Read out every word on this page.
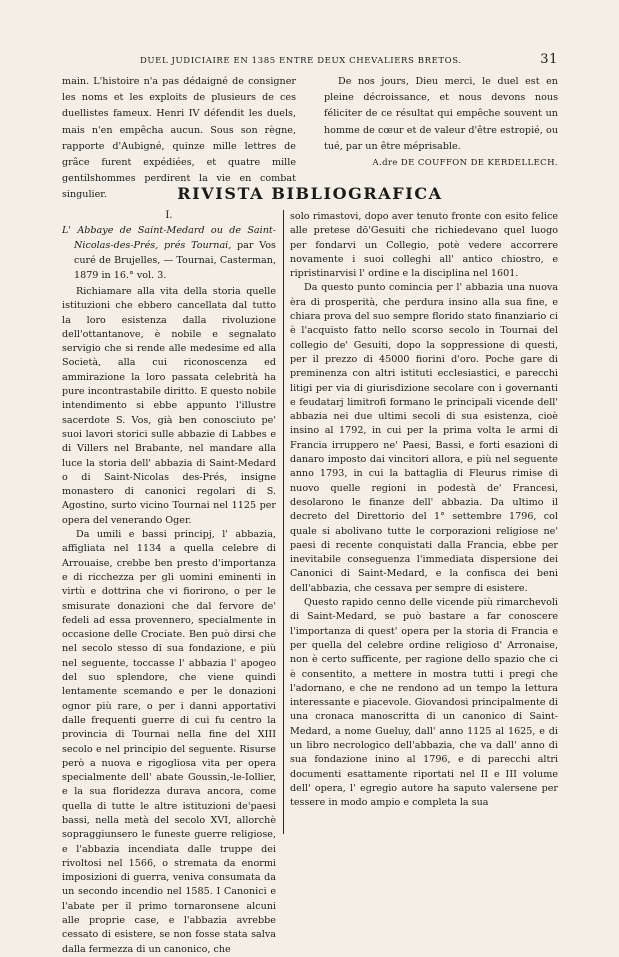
DUEL JUDICIAIRE EN 1385 ENTRE DEUX CHEVALIERS BRETOS.	31

main. L'histoire n'a pas dédaigné de consigner les noms et les exploits de plusieurs de ces duellistes fameux. Henri IV défendit les duels, mais n'en empêcha aucun. Sous son règne, rapporte d'Aubigné, quinze mille lettres de grâce furent expédiées, et quatre mille gentilshommes perdirent la vie en combat singulier.

De nos jours, Dieu merci, le duel est en pleine décroissance, et nous devons nous féliciter de ce résultat qui empêche souvent un homme de cœur et de valeur d'être estropié, ou tué, par un être méprisable.

A.dre DE COUFFON DE KERDELLECH.

RIVISTA BIBLIOGRAFICA

I.

L' Abbaye de Saint-Medard ou de Saint-Nicolas-des-Prés, prés Tournai, par Vos curé de Brujelles, — Tournai, Casterman, 1879 in 16.° vol. 3.

Richiamare alla vita della storia quelle istituzioni che ebbero cancellata dal tutto la loro esistenza dalla rivoluzione dell'ottantanove, è nobile e segnalato servigio che si rende alle medesime ed alla Società, alla cui riconoscenza ed ammirazione la loro passata celebrità ha pure incontrastabile diritto. E questo nobile intendimento si ebbe appunto l'illustre sacerdote S. Vos, già ben conosciuto pe' suoi lavori storici sulle abbazie di Labbes e di Villers nel Brabante, nel mandare alla luce la storia dell' abbazia di Saint-Medard o di Saint-Nicolas des-Prés, insigne monastero di canonici regolari di S. Agostino, surto vicino Tournai nel 1125 per opera del venerando Oger.

Da umili e bassi principj, l' abbazia, affigliata nel 1134 a quella celebre di Arrouaise, crebbe ben presto d'importanza e di ricchezza per gli uomini eminenti in virtù e dottrina che vi fiorirono, o per le smisurate donazioni che dal fervore de' fedeli ad essa provennero, specialmente in occasione delle Crociate. Ben può dirsi che nel secolo stesso di sua fondazione, e più nel seguente, toccasse l' abbazia l' apogeo del suo splendore, che viene quindi lentamente scemando e per le donazioni ognor più rare, o per i danni apportativi dalle frequenti guerre di cui fu centro la provincia di Tournai nella fine del XIII secolo e nel principio del seguente. Risurse però a nuova e rigogliosa vita per opera specialmente dell' abate Goussin,-le-Iollier, e la sua floridezza durava ancora, come quella di tutte le altre istituzioni de'paesi bassi, nella metà del secolo XVI, allorchè sopraggiunsero le funeste guerre religiose, e l'abbazia incendiata dalle truppe dei rivoltosi nel 1566, o stremata da enormi imposizioni di guerra, veniva consumata da un secondo incendio nel 1585. I Canonici e l'abate per il primo tornaronsene alcuni alle proprie case, e l'abbazia avrebbe cessato di esistere, se non fosse stata salva dalla fermezza di un canonico, che

solo rimastovi, dopo aver tenuto fronte con esito felice alle pretese dō'Gesuiti che richiedevano quel luogo per fondarvi un Collegio, potè vedere accorrere novamente i suoi colleghi all' antico chiostro, e ripristinarvisi l' ordine e la disciplina nel 1601.

Da questo punto comincia per l' abbazia una nuova èra di prosperità, che perdura insino alla sua fine, e chiara prova del suo sempre florido stato finanziario ci è l'acquisto fatto nello scorso secolo in Tournai del collegio de' Gesuiti, dopo la soppressione di questi, per il prezzo di 45000 fiorini d'oro. Poche gare di preminenza con altri istituti ecclesiastici, e parecchi litigi per via di giurisdizione secolare con i governanti e feudatarj limitrofi formano le principali vicende dell' abbazia nei due ultimi secoli di sua esistenza, cioè insino al 1792, in cui per la prima volta le armi di Francia irruppero ne' Paesi, Bassi, e forti esazioni di danaro imposto dai vincitori allora, e più nel seguente anno 1793, in cui la battaglia di Fleurus rimise di nuovo quelle regioni in podestà de' Francesi, desolarono le finanze dell' abbazia. Da ultimo il decreto del Direttorio del 1° settembre 1796, col quale si abolivano tutte le corporazioni religiose ne' paesi di recente conquistati dalla Francia, ebbe per inevitabile conseguenza l'immediata dispersione dei Canonici di Saint-Medard, e la confisca dei beni dell'abbazia, che cessava per sempre di esistere.

Questo rapido cenno delle vicende più rimarchevoli di Saint-Medard, se può bastare a far conoscere l'importanza di quest' opera per la storia di Francia e per quella del celebre ordine religioso d' Arronaise, non è certo sufficente, per ragione dello spazio che ci è consentito, a mettere in mostra tutti i pregi che l'adornano, e che ne rendono ad un tempo la lettura interessante e piacevole. Giovandosi principalmente di una cronaca manoscritta di un canonico di Saint-Medard, a nome Gueluy, dall' anno 1125 al 1625, e di un libro necrologico dell'abbazia, che va dall' anno di sua fondazione inino al 1796, e di parecchi altri documenti esattamente riportati nel II e III volume dell' opera, l' egregio autore ha saputo valersene per tessere in modo ampio e completa la sua
